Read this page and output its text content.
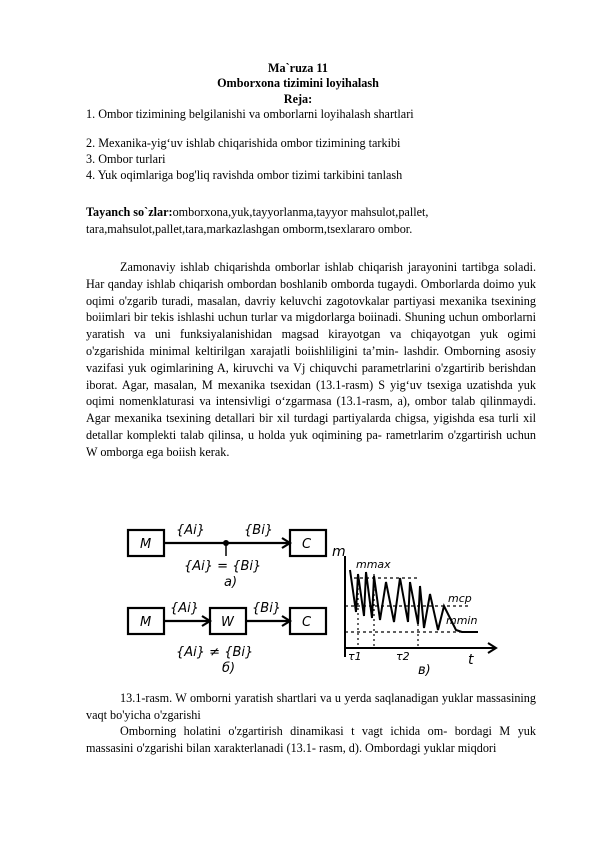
Ma`ruza 11
Omborxona tizimini loyihalash
Reja:
1. Ombor tizimining belgilanishi va omborlarni loyihalash shartlari
2. Mexanika-yig‘uv ishlab chiqarishida ombor tizimining tarkibi
3. Ombor turlari
4. Yuk oqimlariga bog'liq ravishda ombor tizimi tarkibini tanlash
Tayanch so`zlar:omborxona,yuk,tayyorlanma,tayyor mahsulot,pallet,
tara,mahsulot,pallet,tara,markazlashgan omborm,tsexlararo ombor.
Zamonaviy ishlab chiqarishda omborlar ishlab chiqarish jarayonini tartibga soladi. Har qanday ishlab chiqarish ombordan boshlanib omborda tugaydi. Omborlarda doimo yuk oqimi o'zgarib turadi, masalan, davriy keluvchi zagotovkalar partiyasi mexanika tsexining boiimlari bir tekis ishlashi uchun turlar va migdorlarga boiinadi. Shuning uchun omborlarni yaratish va uni funksiyalanishidan magsad kirayotgan va chiqayotgan yuk ogimi o'zgarishida minimal keltirilgan xarajatli boiishliligini ta’min- lashdir. Omborning asosiy vazifasi yuk ogimlarining A, kiruvchi va Vj chiquvchi parametrlarini o'zgartirib berishdan iborat. Agar, masalan, M mexanika tsexidan (13.1-rasm) S yig‘uv tsexiga uzatishda yuk oqimi nomenklaturasi va intensivligi o‘zgarmasa (13.1-rasm, a), ombor talab qilinmaydi. Agar mexanika tsexining detallari bir xil turdagi partiyalarda chigsa, yigishda esa turli xil detallar komplekti talab qilinsa, u holda yuk oqimining pa- rametrlarim o'zgartirish uchun W omborga ega boiish kerak.
M	C
M	W	C
{Ai}	{Bi}
{Ai} = {Bi}
a)
{Ai}	{Bi}
{Ai} ≠ {Bi}
б)
m
mmax
mcp
mmin
t
τ1	τ2
в)
13.1-rasm. W omborni yaratish shartlari va u yerda saqlanadigan yuklar massasining vaqt bo'yicha o'zgarishi
Omborning holatini o'zgartirish dinamikasi t vagt ichida om- bordagi M yuk massasini o'zgarishi bilan xarakterlanadi (13.1- rasm, d). Ombordagi yuklar miqdori
